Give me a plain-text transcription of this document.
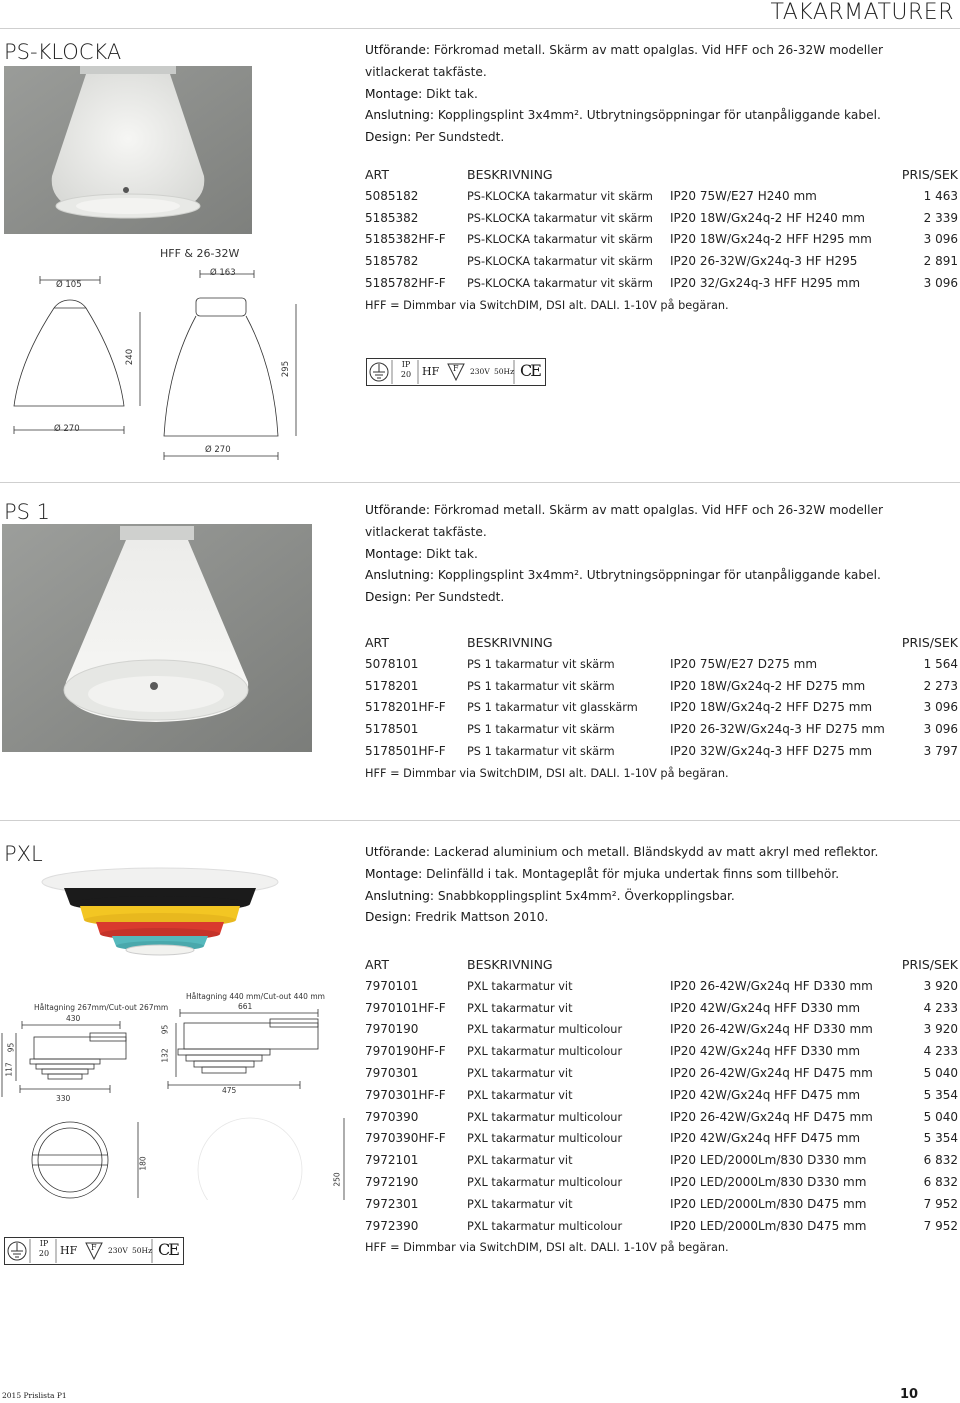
TAKARMATURER
PS-KLOCKA	Utförande: Förkromad metall. Skärm av matt opalglas. Vid HFF och 26-32W modeller
vitlackerat takfäste.
Montage: Dikt tak.
Anslutning: Kopplingsplint 3x4mm². Utbrytningsöppningar för utanpåliggande kabel.
Design: Per Sundstedt.
ART	BESKRIVNING	PRIS/SEK
5085182	PS-KLOCKA takarmatur vit skärm IP20 75W/E27 H240 mm	1 463
5185382	PS-KLOCKA takarmatur vit skärm IP20 18W/Gx24q-2 HF H240 mm	2 339
5185382HF-F PS-KLOCKA takarmatur vit skärm IP20 18W/Gx24q-2 HFF H295 mm	3 096
5185782	PS-KLOCKA takarmatur vit skärm IP20 26-32W/Gx24q-3 HF H295	2 891
5185782HF-F PS-KLOCKA takarmatur vit skärm IP20 32/Gx24q-3 HFF H295 mm	3 096
HFF = Dimmbar via SwitchDIM, DSI alt. DALI. 1-10V på begäran.
HFF & 26-32W
Ø 105
Ø 163
240
295
Ø 270
Ø 270
IP
20 HF F 230V 50Hz CE
PS 1	Utförande: Förkromad metall. Skärm av matt opalglas. Vid HFF och 26-32W modeller
vitlackerat takfäste.
Montage: Dikt tak.
Anslutning: Kopplingsplint 3x4mm². Utbrytningsöppningar för utanpåliggande kabel.
Design: Per Sundstedt.
ART	BESKRIVNING	PRIS/SEK
5078101	PS 1 takarmatur vit skärm	IP20 75W/E27 D275 mm	1 564
5178201	PS 1 takarmatur vit skärm	IP20 18W/Gx24q-2 HF D275 mm	2 273
5178201HF-F PS 1 takarmatur vit glasskärm	IP20 18W/Gx24q-2 HFF D275 mm	3 096
5178501	PS 1 takarmatur vit skärm	IP20 26-32W/Gx24q-3 HF D275 mm	3 096
5178501HF-F PS 1 takarmatur vit skärm	IP20 32W/Gx24q-3 HFF D275 mm	3 797
HFF = Dimmbar via SwitchDIM, DSI alt. DALI. 1-10V på begäran.
PXL	Utförande: Lackerad aluminium och metall. Bländskydd av matt akryl med reflektor.
Montage: Delinfälld i tak. Montageplåt för mjuka undertak finns som tillbehör.
Anslutning: Snabbkopplingsplint 5x4mm². Överkopplingsbar.
Design: Fredrik Mattson 2010.
ART	BESKRIVNING	PRIS/SEK
7970101	PXL takarmatur vit	IP20 26-42W/Gx24q HF D330 mm	3 920
7970101HF-F PXL takarmatur vit	IP20 42W/Gx24q HFF D330 mm	4 233
7970190	PXL takarmatur multicolour	IP20 26-42W/Gx24q HF D330 mm	3 920
7970190HF-F PXL takarmatur multicolour	IP20 42W/Gx24q HFF D330 mm	4 233
7970301	PXL takarmatur vit	IP20 26-42W/Gx24q HF D475 mm	5 040
7970301HF-F PXL takarmatur vit	IP20 42W/Gx24q HFF D475 mm	5 354
7970390	PXL takarmatur multicolour	IP20 26-42W/Gx24q HF D475 mm	5 040
7970390HF-F PXL takarmatur multicolour	IP20 42W/Gx24q HFF D475 mm	5 354
7972101	PXL takarmatur vit	IP20 LED/2000Lm/830 D330 mm	6 832
7972190	PXL takarmatur multicolour	IP20 LED/2000Lm/830 D330 mm	6 832
7972301	PXL takarmatur vit	IP20 LED/2000Lm/830 D475 mm	7 952
7972390	PXL takarmatur multicolour	IP20 LED/2000Lm/830 D475 mm	7 952
HFF = Dimmbar via SwitchDIM, DSI alt. DALI. 1-10V på begäran.
Håltagning 267mm/Cut-out 267mm
430
Håltagning 440 mm/Cut-out 440 mm
661
117
95
95
132
330
475
180
250
IP
20 HF F 230V 50Hz CE
2015 Prislista P1	10
